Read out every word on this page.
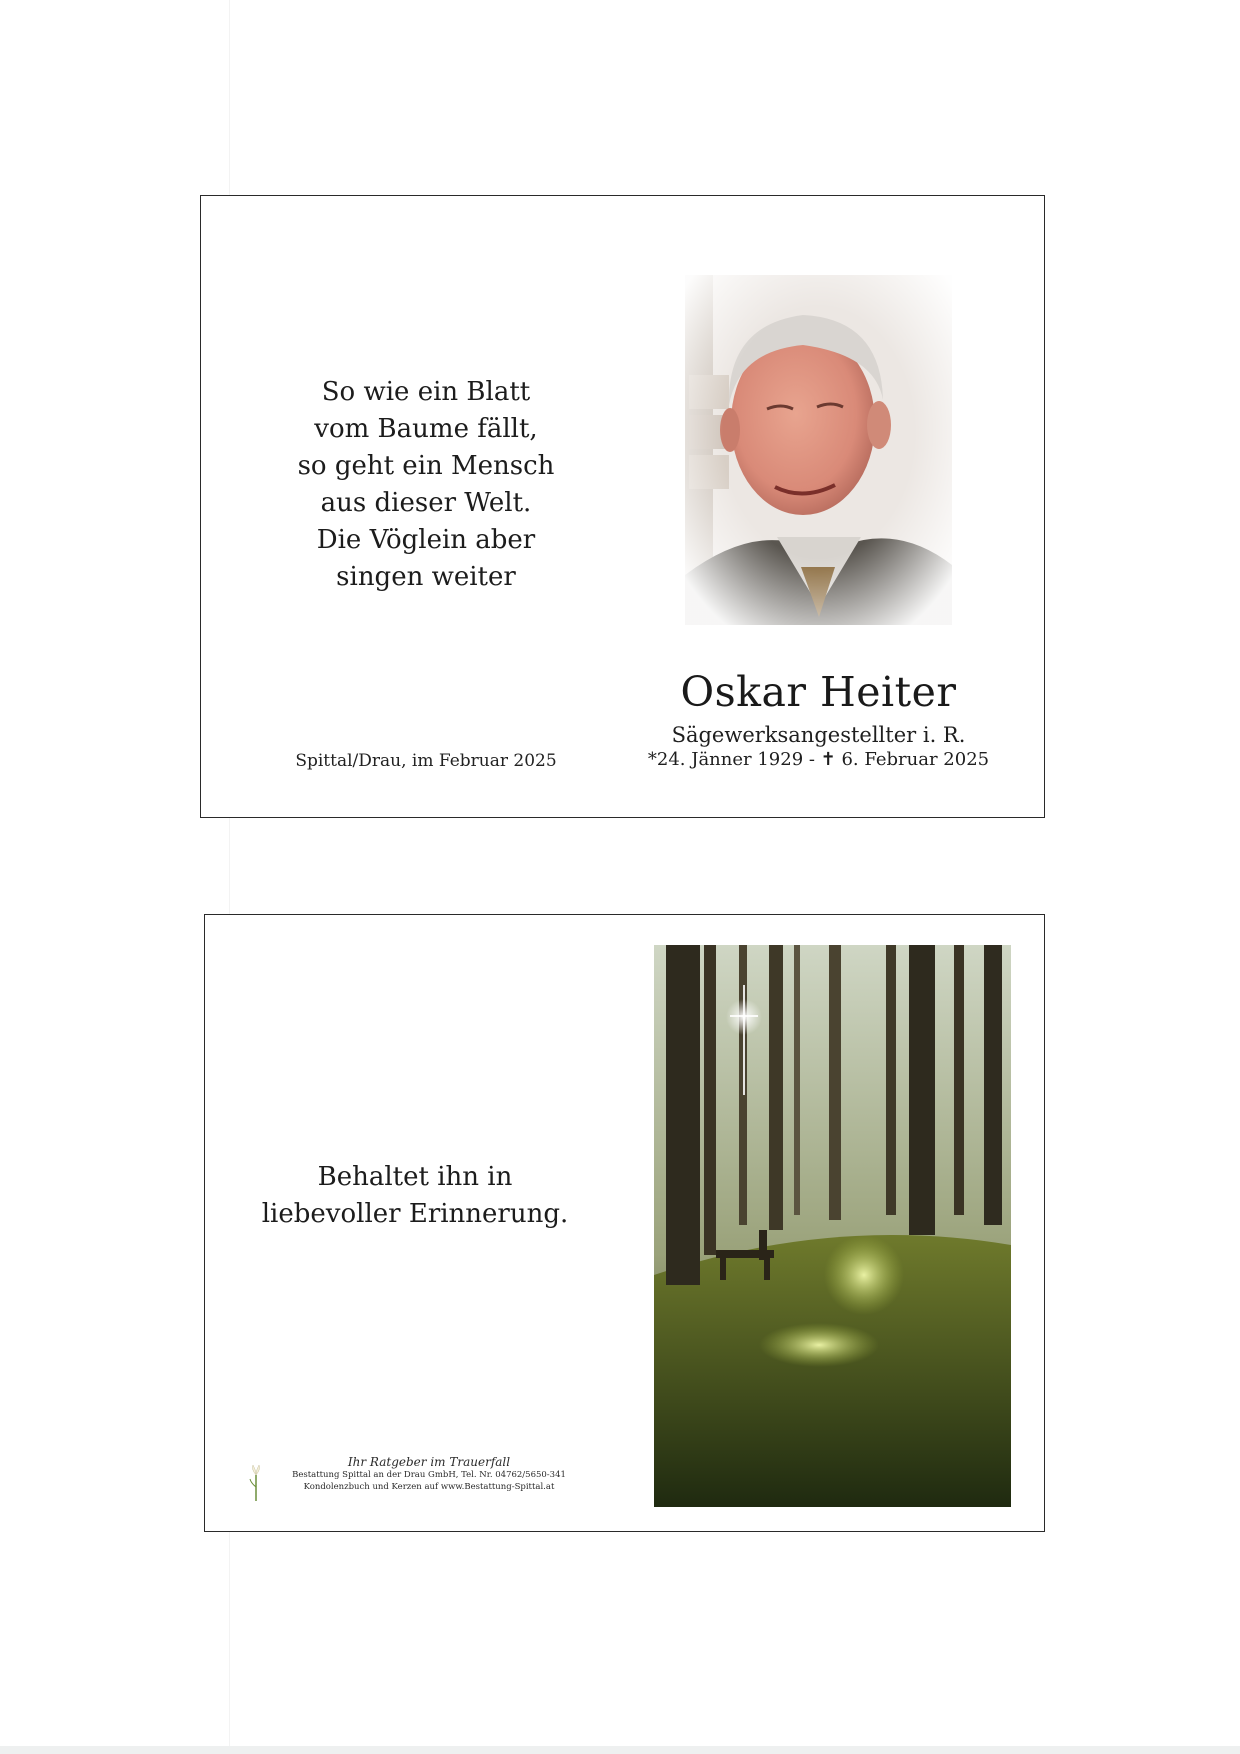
So wie ein Blatt
vom Baume fällt,
so geht ein Mensch
aus dieser Welt.
Die Vöglein aber
singen weiter
Spittal/Drau, im Februar 2025
Oskar Heiter
Sägewerksangestellter i. R.
*24. Jänner 1929 - ✝ 6. Februar 2025
Behaltet ihn in
liebevoller Erinnerung.
Ihr Ratgeber im Trauerfall
Bestattung Spittal an der Drau GmbH, Tel. Nr. 04762/5650-341
Kondolenzbuch und Kerzen auf www.Bestattung-Spittal.at
